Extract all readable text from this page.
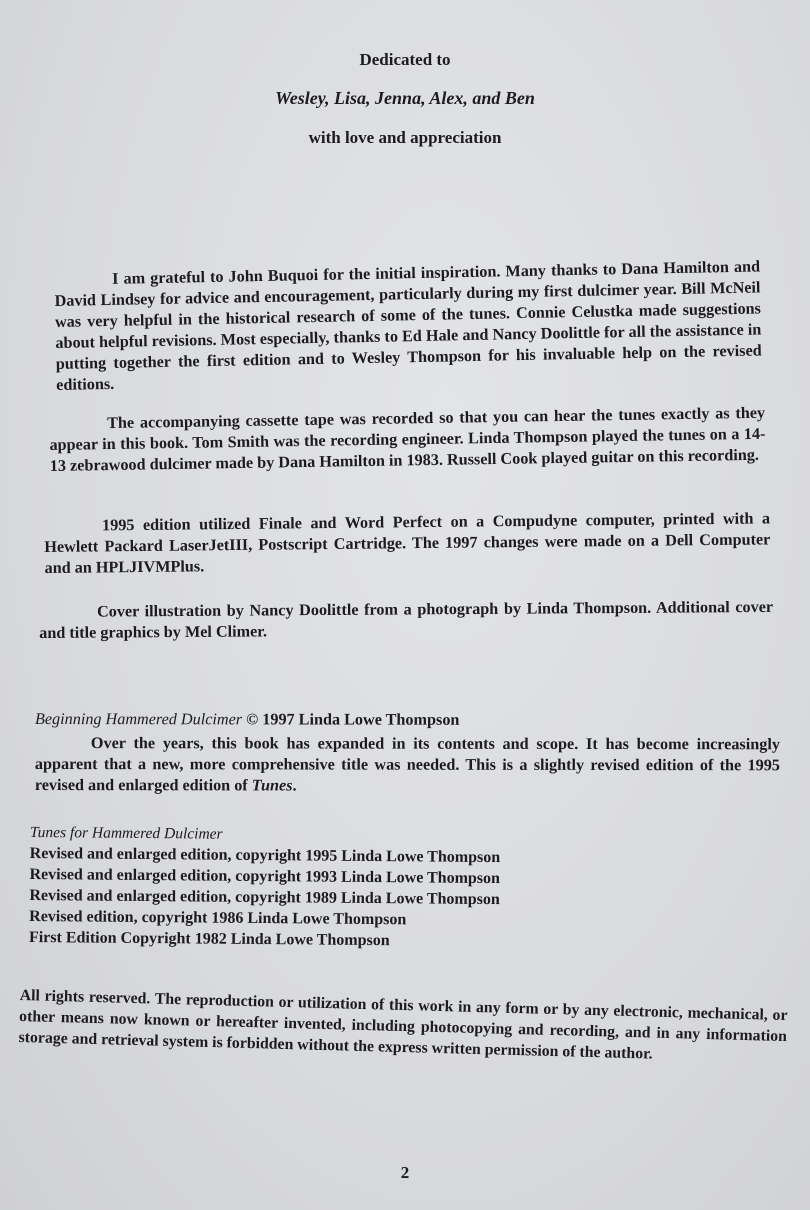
Dedicated to
Wesley, Lisa, Jenna, Alex, and Ben
with love and appreciation

I am grateful to John Buquoi for the initial inspiration. Many thanks to Dana Hamilton and David Lindsey for advice and encouragement, particularly during my first dulcimer year. Bill McNeil was very helpful in the historical research of some of the tunes. Connie Celustka made suggestions about helpful revisions. Most especially, thanks to Ed Hale and Nancy Doolittle for all the assistance in putting together the first edition and to Wesley Thompson for his invaluable help on the revised editions.

The accompanying cassette tape was recorded so that you can hear the tunes exactly as they appear in this book. Tom Smith was the recording engineer. Linda Thompson played the tunes on a 14-13 zebrawood dulcimer made by Dana Hamilton in 1983. Russell Cook played guitar on this recording.

1995 edition utilized Finale and Word Perfect on a Compudyne computer, printed with a Hewlett Packard LaserJetIII, Postscript Cartridge. The 1997 changes were made on a Dell Computer and an HPLJIVMPlus.

Cover illustration by Nancy Doolittle from a photograph by Linda Thompson. Additional cover and title graphics by Mel Climer.

Beginning Hammered Dulcimer © 1997 Linda Lowe Thompson

Over the years, this book has expanded in its contents and scope. It has become increasingly apparent that a new, more comprehensive title was needed. This is a slightly revised edition of the 1995 revised and enlarged edition of Tunes.

Tunes for Hammered Dulcimer
Revised and enlarged edition, copyright 1995 Linda Lowe Thompson
Revised and enlarged edition, copyright 1993 Linda Lowe Thompson
Revised and enlarged edition, copyright 1989 Linda Lowe Thompson
Revised edition, copyright 1986 Linda Lowe Thompson
First Edition Copyright 1982 Linda Lowe Thompson

All rights reserved. The reproduction or utilization of this work in any form or by any electronic, mechanical, or other means now known or hereafter invented, including photocopying and recording, and in any information storage and retrieval system is forbidden without the express written permission of the author.

2
